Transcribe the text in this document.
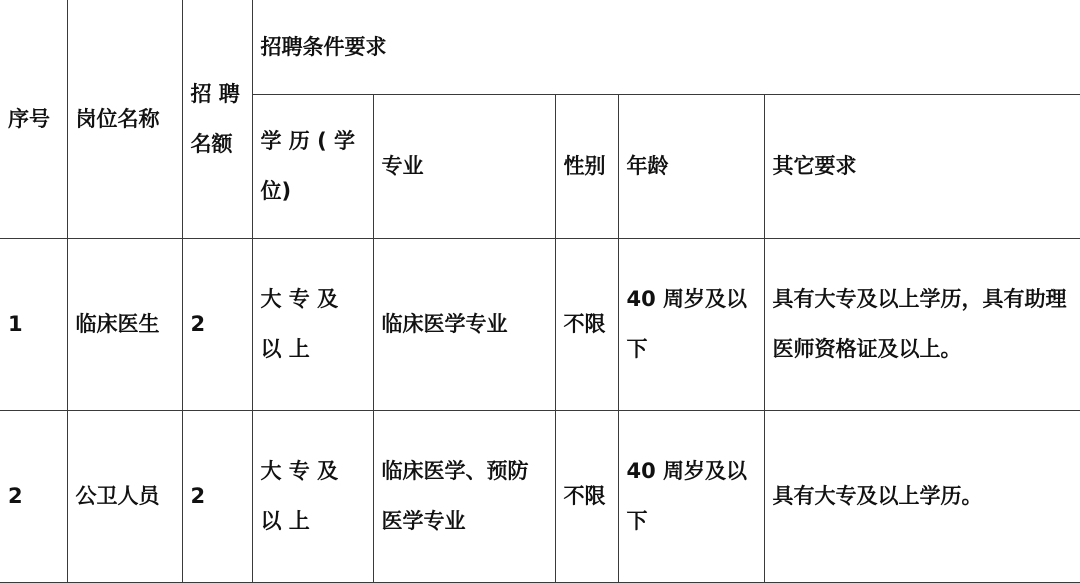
序号	岗位名称	招 聘 名额	招聘条件要求				
			学 历 ( 学 位)	专业	性别	年龄	其它要求
1	临床医生	2	大 专 及 以 上	临床医学专业	不限	40 周岁及以下	具有大专及以上学历，具有助理医师资格证及以上。
2	公卫人员	2	大 专 及 以 上	临床医学、预防医学专业	不限	40 周岁及以下	具有大专及以上学历。
